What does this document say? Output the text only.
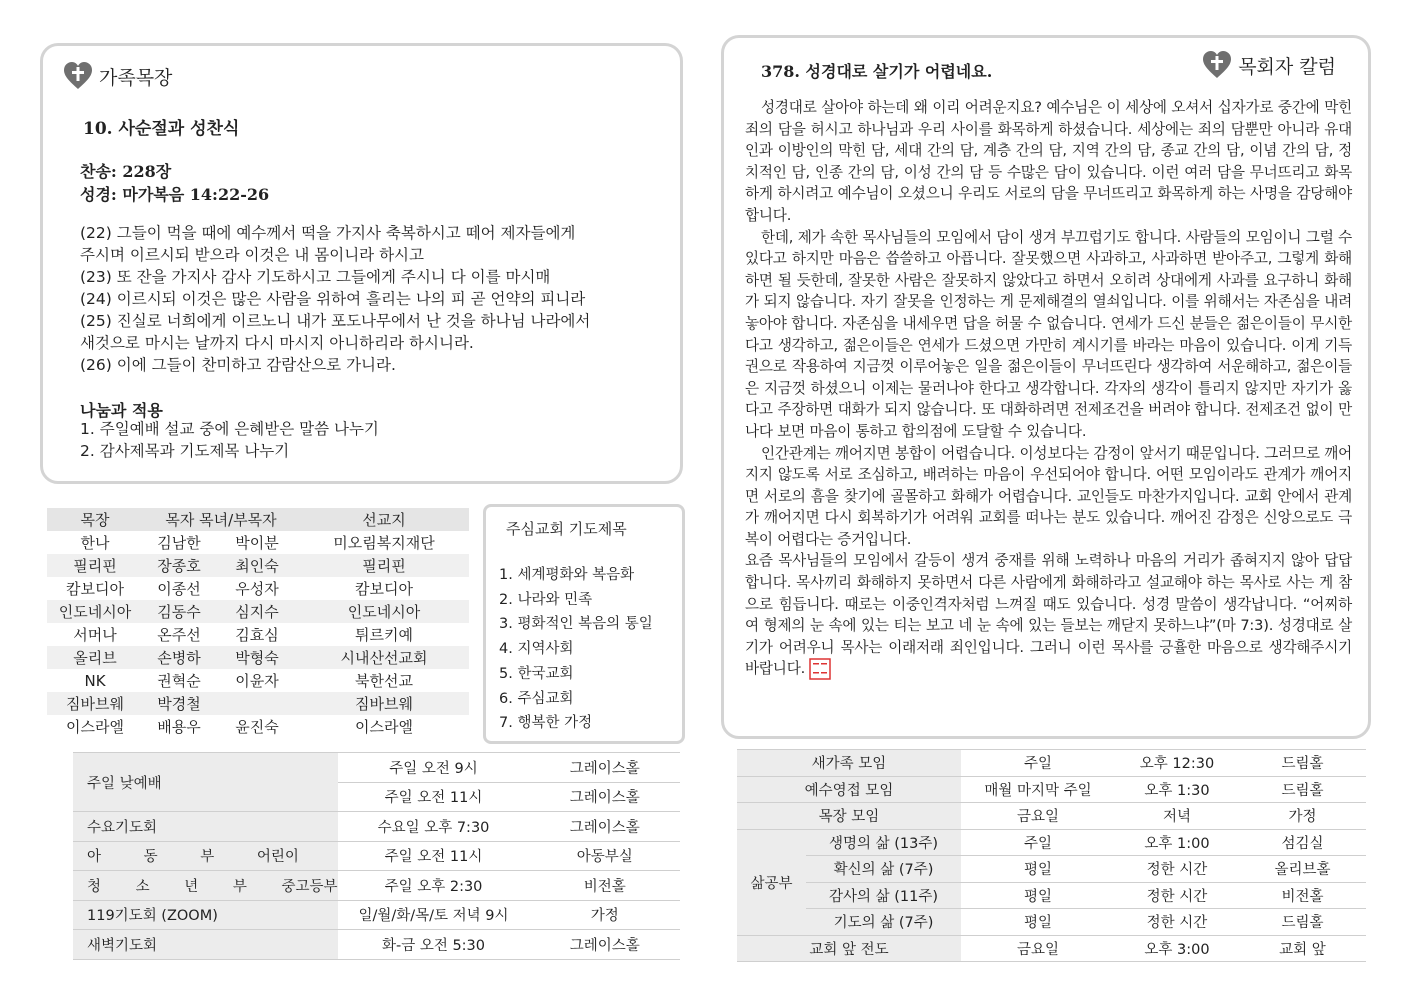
가족목장
10. 사순절과 성찬식
찬송: 228장
성경: 마가복음 14:22-26

(22) 그들이 먹을 때에 예수께서 떡을 가지사 축복하시고 떼어 제자들에게

주시며 이르시되 받으라 이것은 내 몸이니라 하시고

(23) 또 잔을 가지사 감사 기도하시고 그들에게 주시니 다 이를 마시매

(24) 이르시되 이것은 많은 사람을 위하여 흘리는 나의 피 곧 언약의 피니라

(25) 진실로 너희에게 이르노니 내가 포도나무에서 난 것을 하나님 나라에서

새것으로 마시는 날까지 다시 마시지 아니하리라 하시니라.

(26) 이에 그들이 찬미하고 감람산으로 가니라.

나눔과 적용

1. 주일예배 설교 중에 은혜받은 말씀 나누기

2. 감사제목과 기도제목 나누기

목장	목자 목녀/부목자		선교지
한나	김남한	박이분	미오림복지재단
필리핀	장종호	최인숙	필리핀
캄보디아	이종선	우성자	캄보디아
인도네시아	김동수	심지수	인도네시아
서머나	온주선	김효심	튀르키예
올리브	손병하	박형숙	시내산선교회
NK	권혁순	이윤자	북한선교
짐바브웨	박경철		짐바브웨
이스라엘	배용우	윤진숙	이스라엘
주심교회 기도제목

1. 세계평화와 복음화

2. 나라와 민족

3. 평화적인 복음의 통일

4. 지역사회

5. 한국교회

6. 주심교회

7. 행복한 가정

주일 낮예배	주일 오전 9시	그레이스홀
	주일 오전 11시	그레이스홀
수요기도회	수요일 오후 7:30	그레이스홀
아 동 부 어린이	주일 오전 11시	아동부실
청 소 년 부 중고등부	주일 오후 2:30	비전홀
119기도회 (ZOOM)	일/월/화/목/토 저녁 9시	가정
새벽기도회	화-금 오전 5:30	그레이스홀
378. 성경대로 살기가 어렵네요.	목회자 칼럼

성경대로 살아야 하는데 왜 이리 어려운지요? 예수님은 이 세상에 오셔서 십자가로 중간에 막힌 죄의 담을 허시고 하나님과 우리 사이를 화목하게 하셨습니다. 세상에는 죄의 담뿐만 아니라 유대인과 이방인의 막힌 담, 세대 간의 담, 계층 간의 담, 지역 간의 담, 종교 간의 담, 이념 간의 담, 정치적인 담, 인종 간의 담, 이성 간의 담 등 수많은 담이 있습니다. 이런 여러 담을 무너뜨리고 화목하게 하시려고 예수님이 오셨으니 우리도 서로의 담을 무너뜨리고 화목하게 하는 사명을 감당해야 합니다.

한데, 제가 속한 목사님들의 모임에서 담이 생겨 부끄럽기도 합니다. 사람들의 모임이니 그럴 수 있다고 하지만 마음은 씁쓸하고 아픕니다. 잘못했으면 사과하고, 사과하면 받아주고, 그렇게 화해하면 될 듯한데, 잘못한 사람은 잘못하지 않았다고 하면서 오히려 상대에게 사과를 요구하니 화해가 되지 않습니다. 자기 잘못을 인정하는 게 문제해결의 열쇠입니다. 이를 위해서는 자존심을 내려놓아야 합니다. 자존심을 내세우면 답을 허물 수 없습니다. 연세가 드신 분들은 젊은이들이 무시한다고 생각하고, 젊은이들은 연세가 드셨으면 가만히 계시기를 바라는 마음이 있습니다. 이게 기득권으로 작용하여 지금껏 이루어놓은 일을 젊은이들이 무너뜨린다 생각하여 서운해하고, 젊은이들은 지금껏 하셨으니 이제는 물러나야 한다고 생각합니다. 각자의 생각이 틀리지 않지만 자기가 옳다고 주장하면 대화가 되지 않습니다. 또 대화하려면 전제조건을 버려야 합니다. 전제조건 없이 만나다 보면 마음이 통하고 합의점에 도달할 수 있습니다.

인간관계는 깨어지면 봉합이 어렵습니다. 이성보다는 감정이 앞서기 때문입니다. 그러므로 깨어지지 않도록 서로 조심하고, 배려하는 마음이 우선되어야 합니다. 어떤 모임이라도 관계가 깨어지면 서로의 흠을 찾기에 골몰하고 화해가 어렵습니다. 교인들도 마찬가지입니다. 교회 안에서 관계가 깨어지면 다시 회복하기가 어려워 교회를 떠나는 분도 있습니다. 깨어진 감정은 신앙으로도 극복이 어렵다는 증거입니다.

요즘 목사님들의 모임에서 갈등이 생겨 중재를 위해 노력하나 마음의 거리가 좁혀지지 않아 답답합니다. 목사끼리 화해하지 못하면서 다른 사람에게 화해하라고 설교해야 하는 목사로 사는 게 참으로 힘듭니다. 때로는 이중인격자처럼 느껴질 때도 있습니다. 성경 말씀이 생각납니다. “어찌하여 형제의 눈 속에 있는 티는 보고 네 눈 속에 있는 들보는 깨닫지 못하느냐”(마 7:3). 성경대로 살기가 어려우니 목사는 이래저래 죄인입니다. 그러니 이런 목사를 긍휼한 마음으로 생각해주시기 바랍니다.

새가족 모임		주일	오후 12:30	드림홀
예수영접 모임		매월 마지막 주일	오후 1:30	드림홀
목장 모임		금요일	저녁	가정
삶공부	생명의 삶 (13주)	주일	오후 1:00	섬김실
	확신의 삶 (7주)	평일	정한 시간	올리브홀
	감사의 삶 (11주)	평일	정한 시간	비전홀
	기도의 삶 (7주)	평일	정한 시간	드림홀
교회 앞 전도		금요일	오후 3:00	교회 앞
